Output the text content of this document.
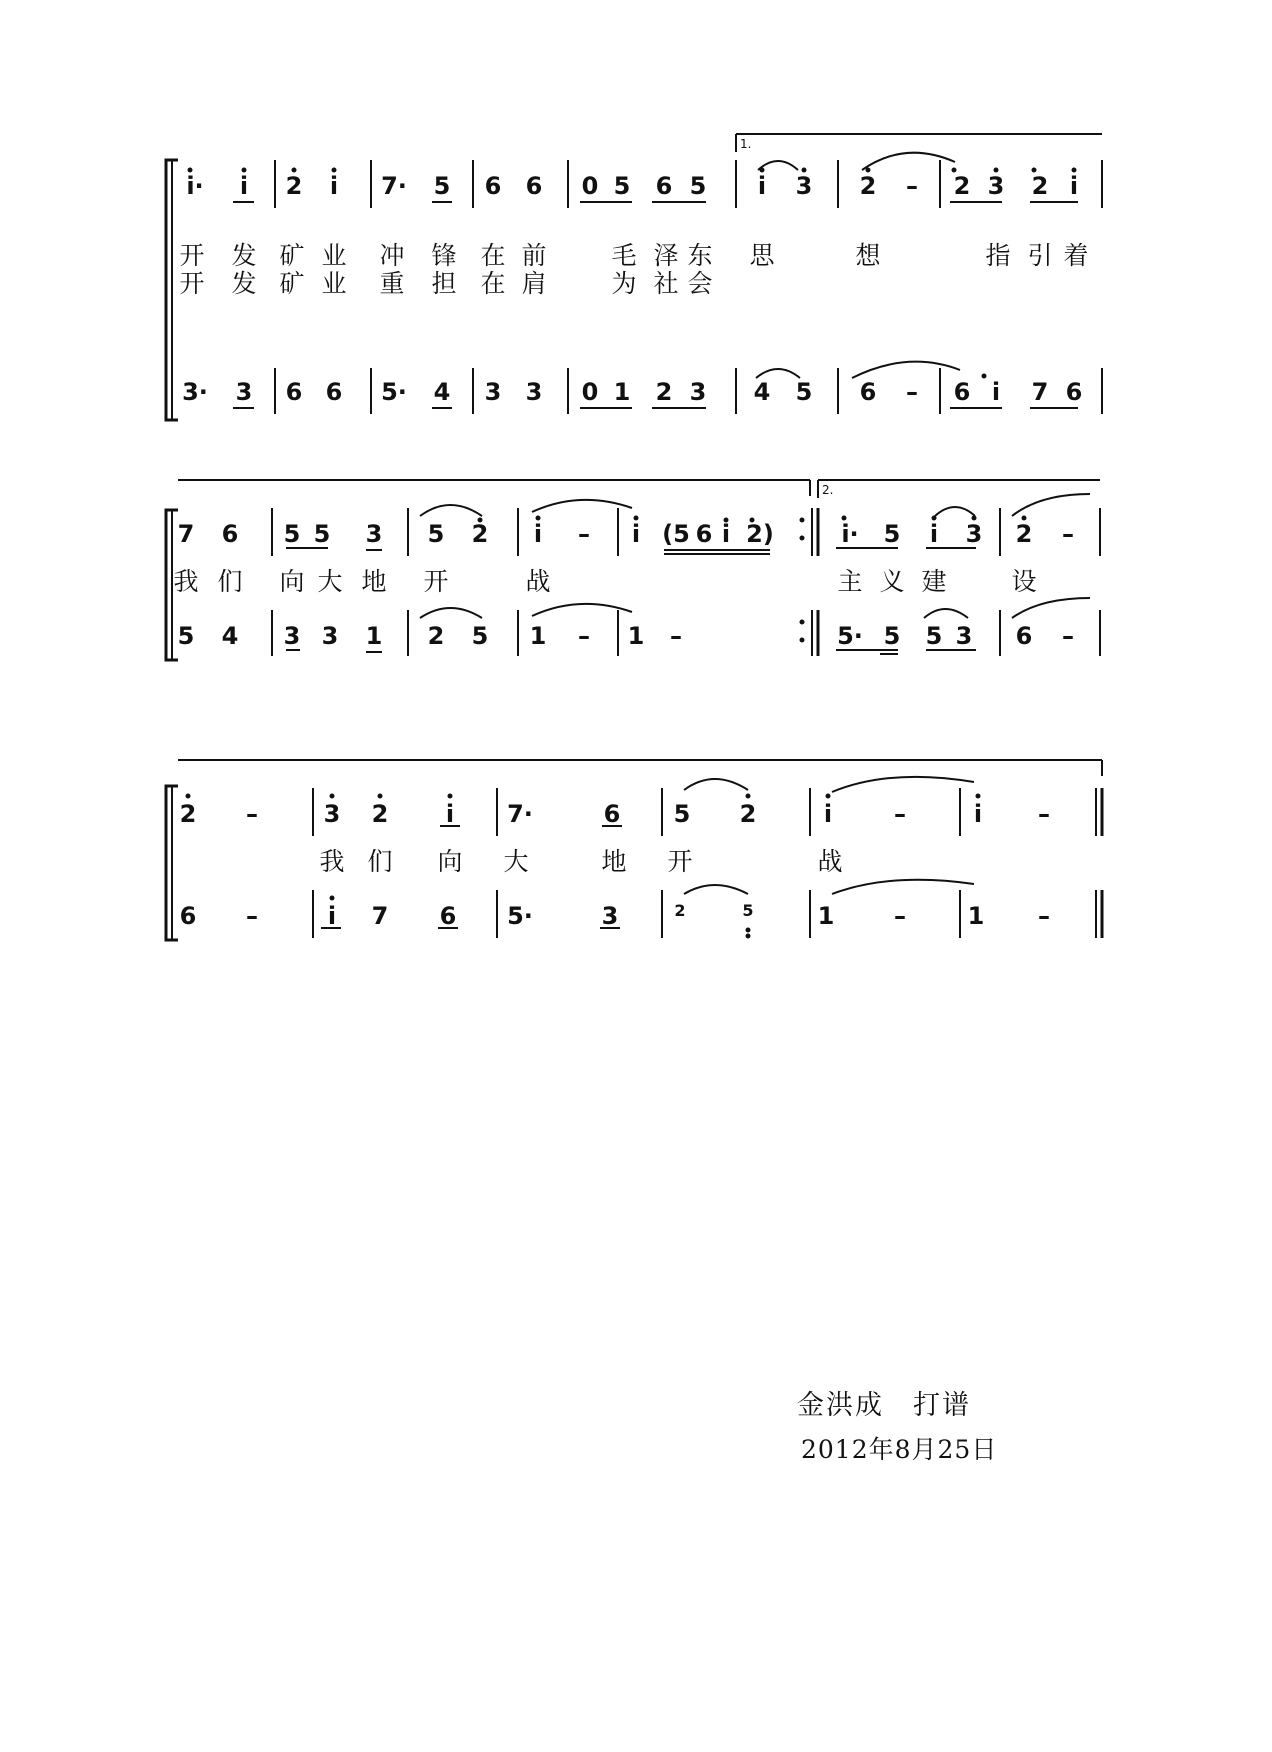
1.
2.
i· i 2 i 7· 5 6 6 0 5 6 5 i 3 2 – 2 3 2 i
开 发 矿 业 冲 锋 在 前	毛 泽 东 思	想	指 引 着
开 发 矿 业 重 担 在 肩	为 社 会
3· 3 6 6 5· 4 3 3 0 1 2 3 4 5 6 – 6 i 7 6
7 6 5 5 3 5 2 i – i (5 6 i 2)	i· 5 i 3 2 –
我 们 向 大 地 开	战	主 义 建	设
5 4 3 3 1 2 5 1 – 1 –	5· 5 5 3 6 –
2 –	3 2 i 7·	6 5 2	i	–	i –
我 们 向 大	地 开	战
6 –	i 7 6 5·	3	2	5	1 –	1 –
金洪成　打谱
2012年8月25日
